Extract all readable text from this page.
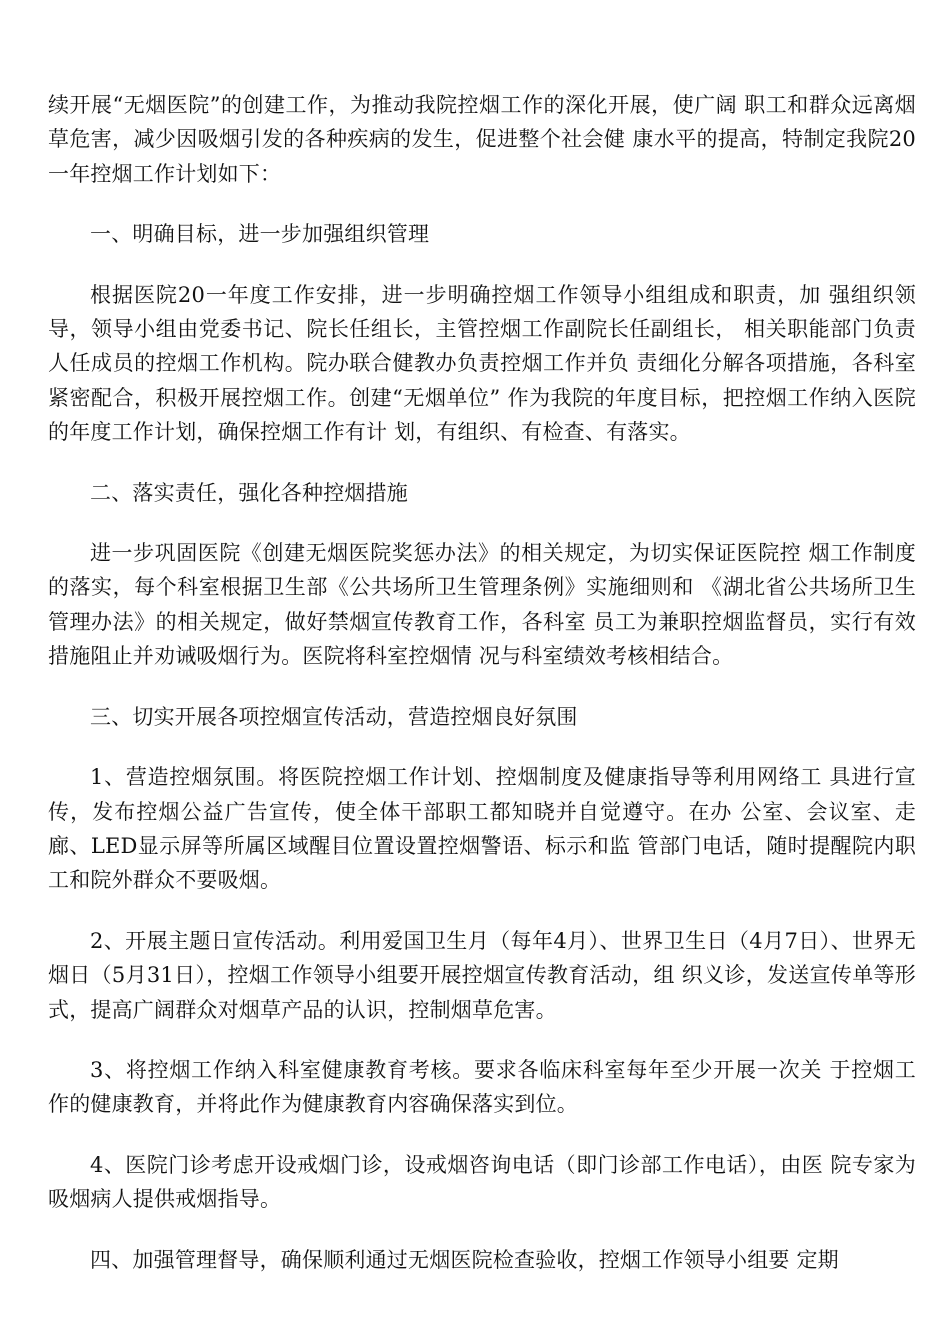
续开展“无烟医院”的创建工作，为推动我院控烟工作的深化开展，使广阔 职工和群众远离烟草危害，减少因吸烟引发的各种疾病的发生，促进整个社会健 康水平的提高，特制定我院20一年控烟工作计划如下：

一、明确目标，进一步加强组织管理

根据医院20一年度工作安排，进一步明确控烟工作领导小组组成和职责，加 强组织领导，领导小组由党委书记、院长任组长，主管控烟工作副院长任副组长， 相关职能部门负责人任成员的控烟工作机构。院办联合健教办负责控烟工作并负 责细化分解各项措施，各科室紧密配合，积极开展控烟工作。创建“无烟单位” 作为我院的年度目标，把控烟工作纳入医院的年度工作计划，确保控烟工作有计 划，有组织、有检查、有落实。

二、落实责任，强化各种控烟措施

进一步巩固医院《创建无烟医院奖惩办法》的相关规定，为切实保证医院控 烟工作制度的落实，每个科室根据卫生部《公共场所卫生管理条例》实施细则和 《湖北省公共场所卫生管理办法》的相关规定，做好禁烟宣传教育工作，各科室 员工为兼职控烟监督员，实行有效措施阻止并劝诫吸烟行为。医院将科室控烟情 况与科室绩效考核相结合。

三、切实开展各项控烟宣传活动，营造控烟良好氛围

1、营造控烟氛围。将医院控烟工作计划、控烟制度及健康指导等利用网络工 具进行宣传，发布控烟公益广告宣传，使全体干部职工都知晓并自觉遵守。在办 公室、会议室、走廊、LED显示屏等所属区域醒目位置设置控烟警语、标示和监 管部门电话，随时提醒院内职工和院外群众不要吸烟。

2、开展主题日宣传活动。利用爱国卫生月（每年4月）、世界卫生日（4月7日）、世界无烟日（5月31日），控烟工作领导小组要开展控烟宣传教育活动，组 织义诊，发送宣传单等形式，提高广阔群众对烟草产品的认识，控制烟草危害。

3、将控烟工作纳入科室健康教育考核。要求各临床科室每年至少开展一次关 于控烟工作的健康教育，并将此作为健康教育内容确保落实到位。

4、医院门诊考虑开设戒烟门诊，设戒烟咨询电话（即门诊部工作电话），由医 院专家为吸烟病人提供戒烟指导。

四、加强管理督导，确保顺利通过无烟医院检查验收，控烟工作领导小组要 定期
